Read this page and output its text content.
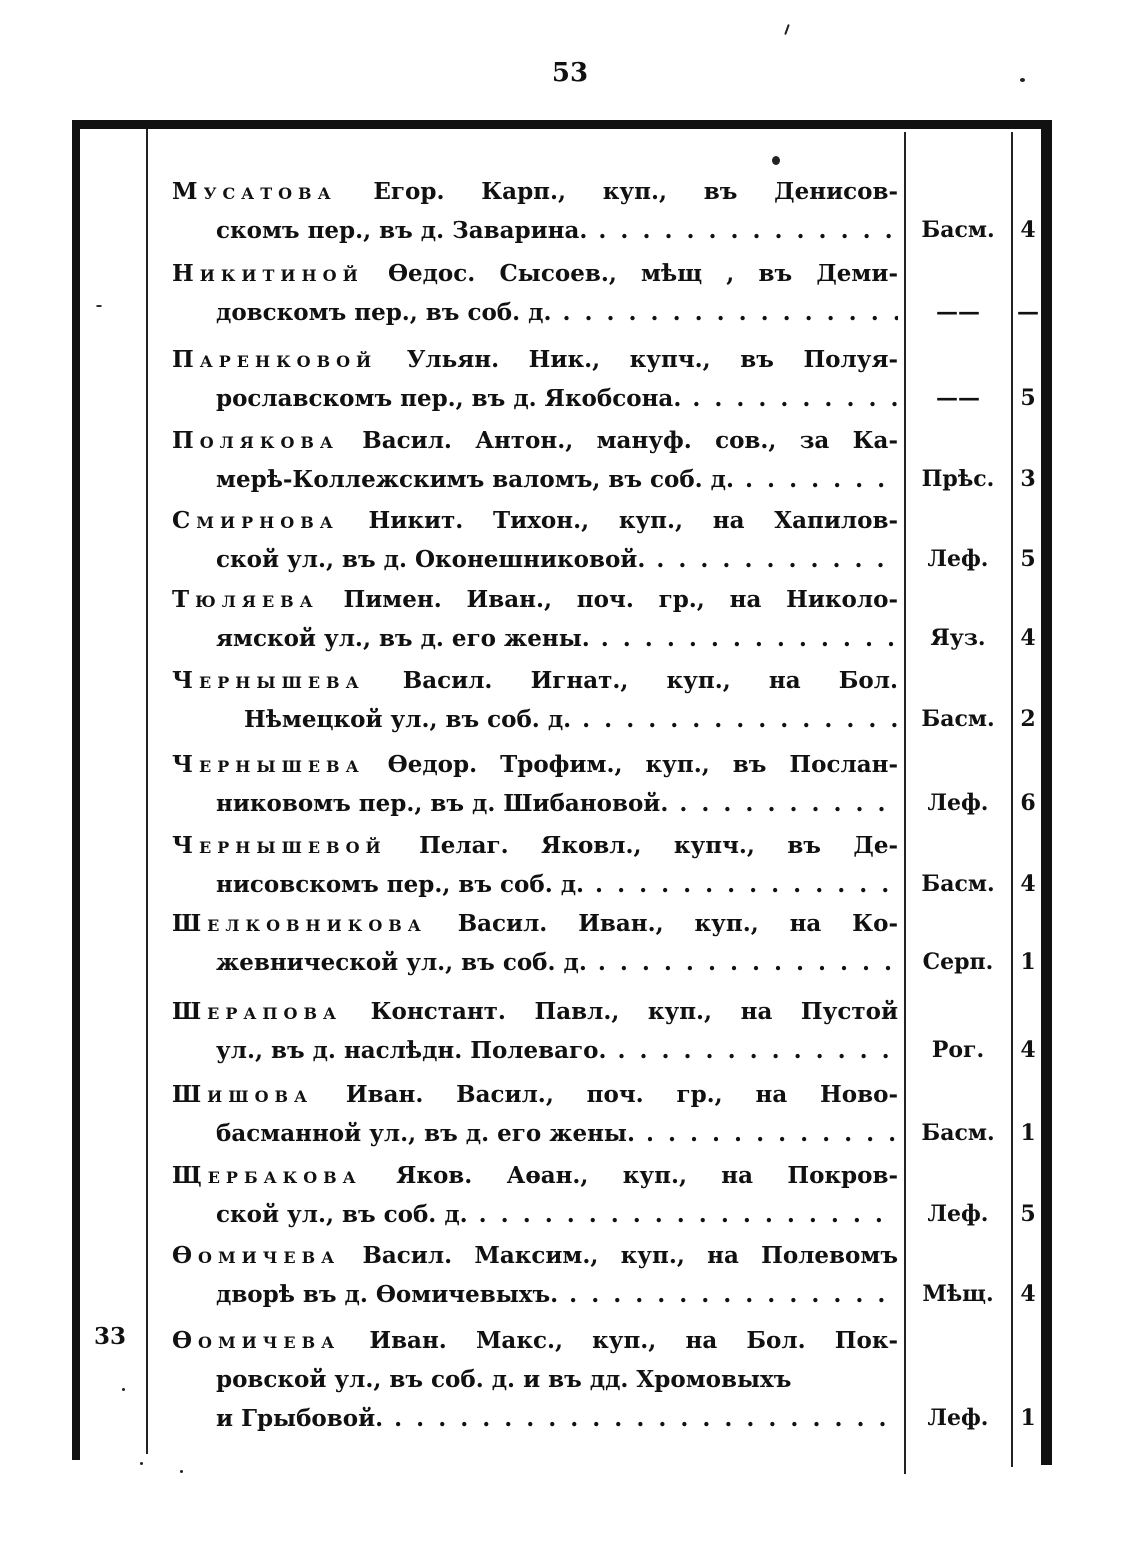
53
Мусатова Егор. Карп., куп., въ Денисов-
скомъ пер., въ д. Заварина. . . .	Басм.	4
Никитиной Өедос. Сысоев., мѣщ , въ Деми-
довскомъ пер., въ соб. д. . . .	——	—
Паренковой Ульян. Ник., купч., въ Полуя-
рославскомъ пер., въ д. Якобсона. . . .	——	5
Полякова Васил. Антон., мануф. сов., за Ка-
мерѣ-Коллежскимъ валомъ, въ соб. д. . . .	Прѣс.	3
Смирнова Никит. Тихон., куп., на Хапилов-
ской ул., въ д. Оконешниковой. . . .	Леф.	5
Тюляева Пимен. Иван., поч. гр., на Николо-
ямской ул., въ д. его жены. . . .	Яуз.	4
Чернышева Васил. Игнат., куп., на Бол.
Нѣмецкой ул., въ соб. д. . . .	Басм.	2
Чернышева Өедор. Трофим., куп., въ Послан-
никовомъ пер., въ д. Шибановой. . . .	Леф.	6
Чернышевой Пелаг. Яковл., купч., въ Де-
нисовскомъ пер., въ соб. д. . . .	Басм.	4
Шелковникова Васил. Иван., куп., на Ко-
жевнической ул., въ соб. д. . . .	Серп.	1
Шерапова Констант. Павл., куп., на Пустой
ул., въ д. наслѣдн. Полеваго. . . .	Рог.	4
Шишова Иван. Васил., поч. гр., на Ново-
басманной ул., въ д. его жены. . . .	Басм.	1
Щербакова Яков. Аөан., куп., на Покров-
ской ул., въ соб. д. . . .	Леф.	5
Өомичева Васил. Максим., куп., на Полевомъ
дворѣ въ д. Өомичевыхъ. . . .	Мѣщ.	4
33 Өомичева Иван. Макс., куп., на Бол. Пок-
ровской ул., въ соб. д. и въ дд. Хромовыхъ
и Грыбовой. . . .	Леф.	1
